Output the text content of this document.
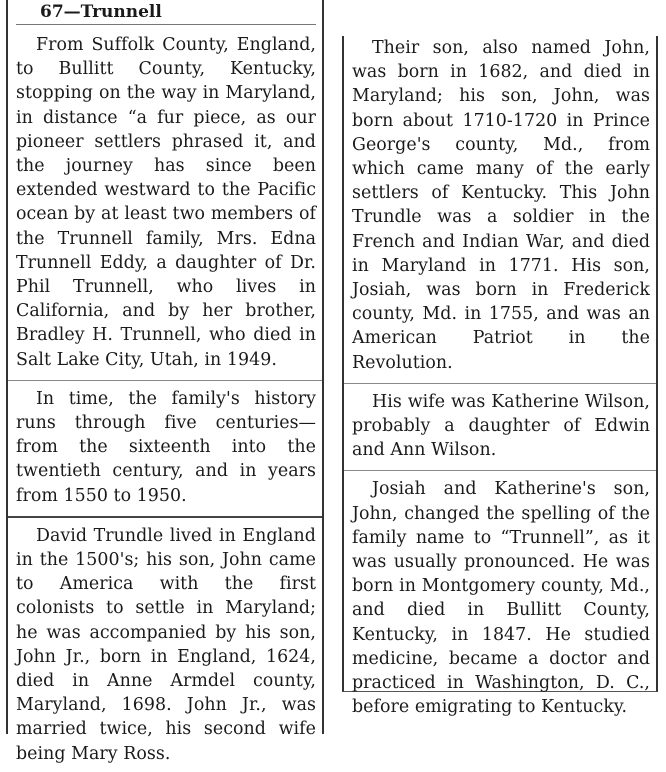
67—Trunnell

From Suffolk County, England, to Bullitt County, Kentucky, stopping on the way in Maryland, in distance “a fur piece, as our pioneer settlers phrased it, and the journey has since been extended westward to the Pacific ocean by at least two members of the Trunnell family, Mrs. Edna Trunnell Eddy, a daughter of Dr. Phil Trunnell, who lives in California, and by her brother, Bradley H. Trunnell, who died in Salt Lake City, Utah, in 1949.

In time, the family's history runs through five centuries—from the sixteenth into the twentieth century, and in years from 1550 to 1950.

David Trundle lived in England in the 1500's; his son, John came to America with the first colonists to settle in Maryland; he was accompanied by his son, John Jr., born in England, 1624, died in Anne Armdel county, Maryland, 1698. John Jr., was married twice, his second wife being Mary Ross.

Their son, also named John, was born in 1682, and died in Maryland; his son, John, was born about 1710-1720 in Prince George's county, Md., from which came many of the early settlers of Kentucky. This John Trundle was a soldier in the French and Indian War, and died in Maryland in 1771. His son, Josiah, was born in Frederick county, Md. in 1755, and was an American Patriot in the Revolution.

His wife was Katherine Wilson, probably a daughter of Edwin and Ann Wilson.

Josiah and Katherine's son, John, changed the spelling of the family name to “Trunnell”, as it was usually pronounced. He was born in Montgomery county, Md., and died in Bullitt County, Kentucky, in 1847. He studied medicine, became a doctor and practiced in Washington, D. C., before emigrating to Kentucky.
